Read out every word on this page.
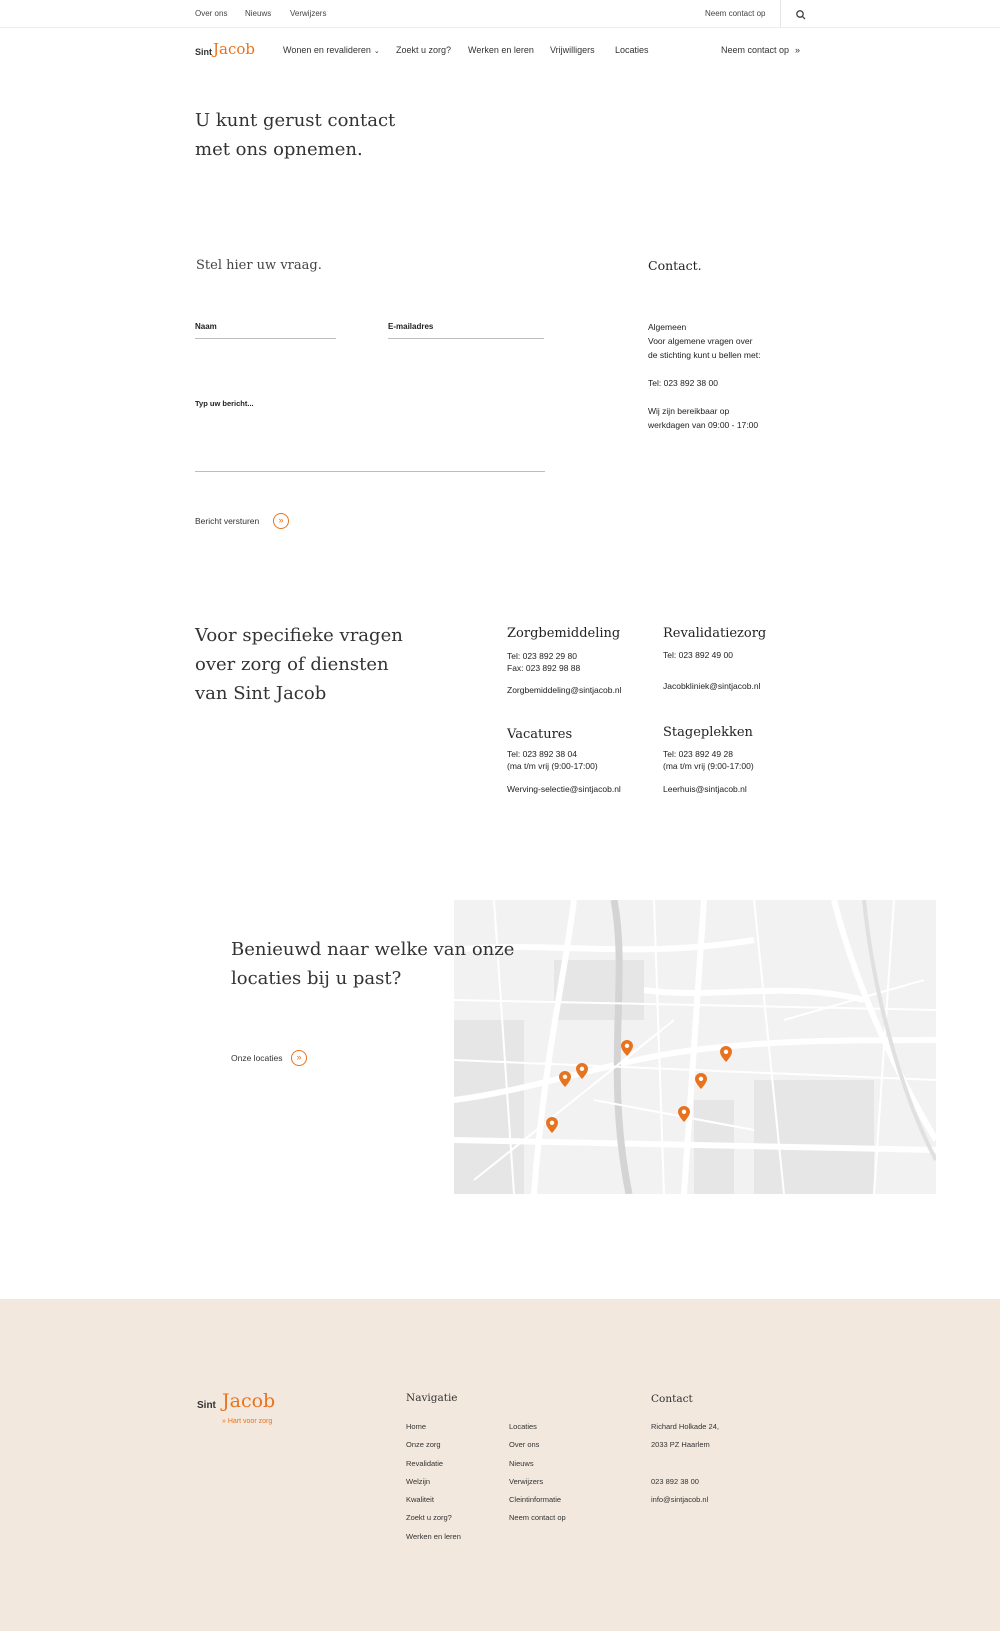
Over ons Nieuws Verwijzers	Neem contact op
Sint Jacob	Wonen en revalideren ⌄ Zoekt u zorg? Werken en leren Vrijwilligers Locaties	Neem contact op »
U kunt gerust contact
met ons opnemen.
Stel hier uw vraag.
Naam	E-mailadres
Typ uw bericht...
Bericht versturen	»
Contact.
Algemeen
Voor algemene vragen over
de stichting kunt u bellen met:
Tel: 023 892 38 00
Wij zijn bereikbaar op
werkdagen van 09:00 - 17:00
Voor specifieke vragen
over zorg of diensten
van Sint Jacob
Zorgbemiddeling
Tel: 023 892 29 80
Fax: 023 892 98 88
Zorgbemiddeling@sintjacob.nl
Revalidatiezorg
Tel: 023 892 49 00
Jacobkliniek@sintjacob.nl
Vacatures
Tel: 023 892 38 04
(ma t/m vrij (9:00-17:00)
Werving-selectie@sintjacob.nl
Stageplekken
Tel: 023 892 49 28
(ma t/m vrij (9:00-17:00)
Leerhuis@sintjacob.nl
Benieuwd naar welke van onze
locaties bij u past?
Onze locaties	»
Sint Jacob
» Hart voor zorg
Navigatie
Home
Onze zorg
Revalidatie
Welzijn
Kwaliteit
Zoekt u zorg?
Werken en leren
Locaties
Over ons
Nieuws
Verwijzers
Cleintinformatie
Neem contact op
Contact
Richard Holkade 24,
2033 PZ Haarlem
023 892 38 00
info@sintjacob.nl
